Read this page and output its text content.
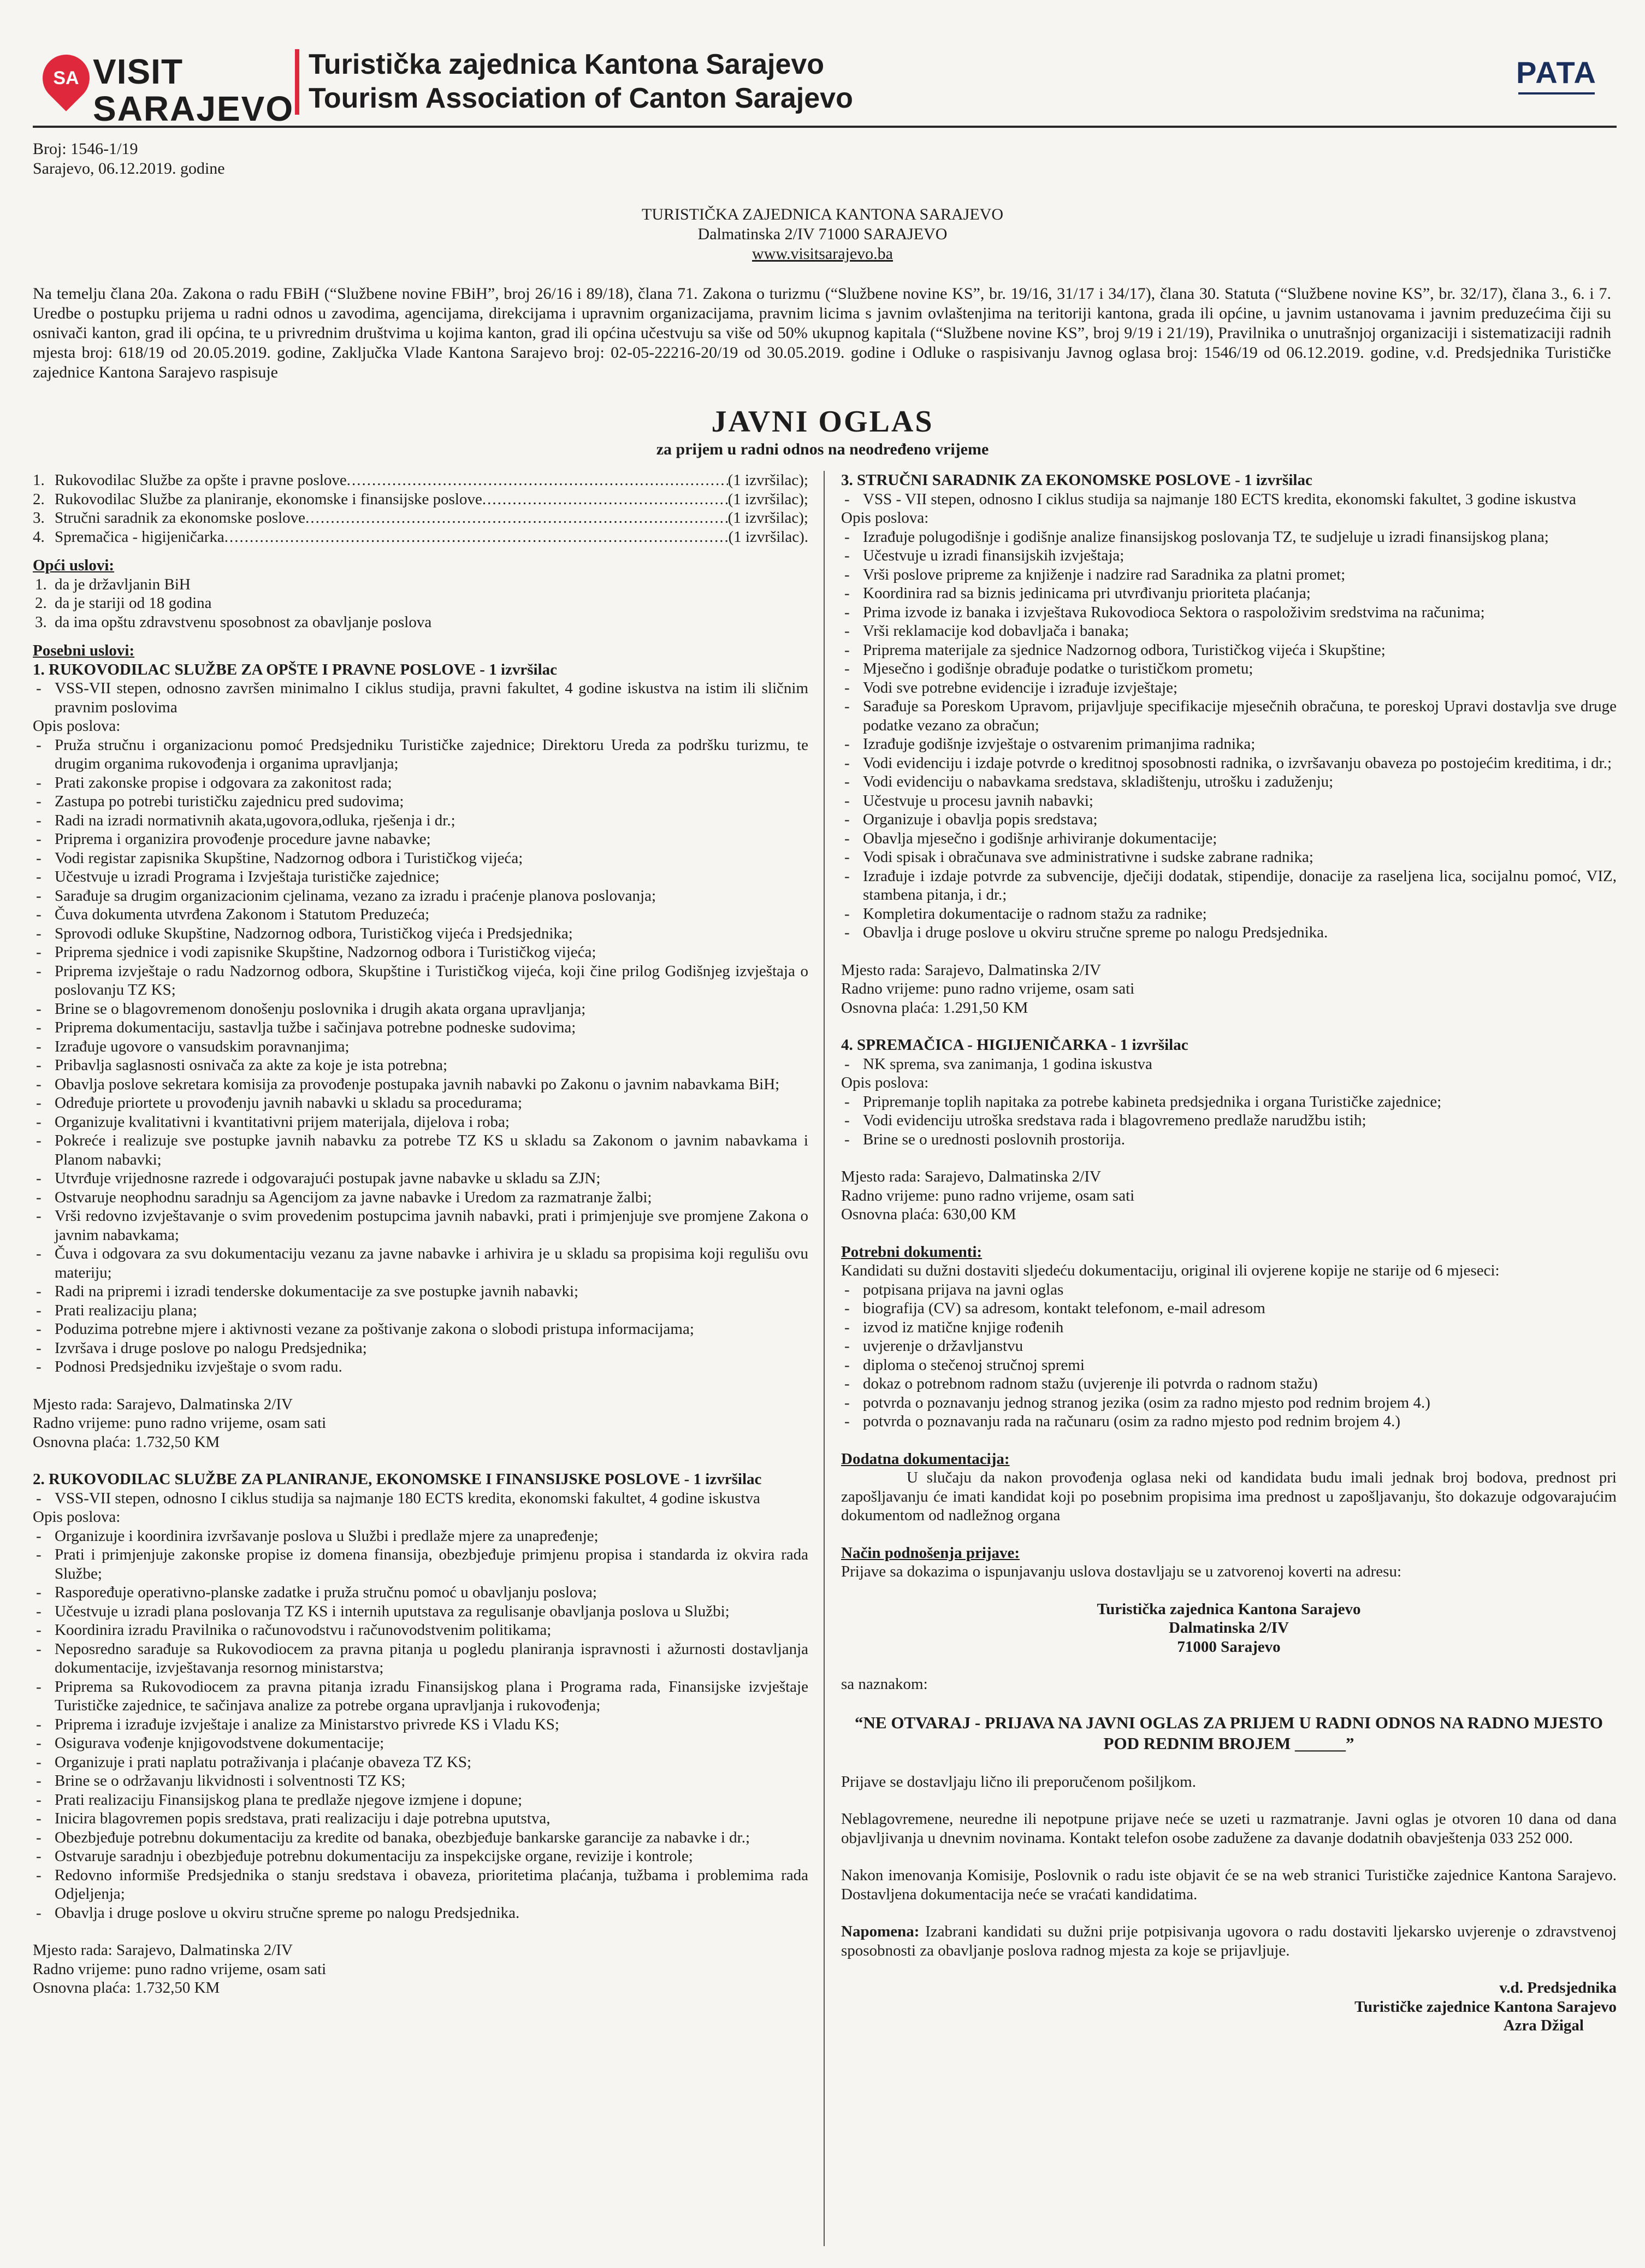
SA VISIT
SARAJEVO
Turistička zajednica Kantona Sarajevo
Tourism Association of Canton Sarajevo
PATA
Broj: 1546-1/19
Sarajevo, 06.12.2019. godine
TURISTIČKA ZAJEDNICA KANTONA SARAJEVO
Dalmatinska 2/IV 71000 SARAJEVO
www.visitsarajevo.ba
Na temelju člana 20a. Zakona o radu FBiH (“Službene novine FBiH”, broj 26/16 i 89/18), člana 71. Zakona o turizmu (“Službene novine KS”, br. 19/16, 31/17 i 34/17), člana 30. Statuta (“Službene novine KS”, br. 32/17), člana 3., 6. i 7. Uredbe o postupku prijema u radni odnos u zavodima, agencijama, direkcijama i upravnim organizacijama, pravnim licima s javnim ovlaštenjima na teritoriji kantona, grada ili općine, u javnim ustanovama i javnim preduzećima čiji su osnivači kanton, grad ili općina, te u privrednim društvima u kojima kanton, grad ili općina učestvuju sa više od 50% ukupnog kapitala (“Službene novine KS”, broj 9/19 i 21/19), Pravilnika o unutrašnjoj organizaciji i sistematizaciji radnih mjesta broj: 618/19 od 20.05.2019. godine, Zaključka Vlade Kantona Sarajevo broj: 02-05-22216-20/19 od 30.05.2019. godine i Odluke o raspisivanju Javnog oglasa broj: 1546/19 od 06.12.2019. godine, v.d. Predsjednika Turističke zajednice Kantona Sarajevo raspisuje
JAVNI OGLAS
za prijem u radni odnos na neodređeno vrijeme
1. Rukovodilac Službe za opšte i pravne poslove .....	(1 izvršilac);
2. Rukovodilac Službe za planiranje, ekonomske i finansijske poslove .....	(1 izvršilac);
3. Stručni saradnik za ekonomske poslove .....	(1 izvršilac);
4. Spremačica - higijeničarka .....	(1 izvršilac).

Opći uslovi:

1. da je državljanin BiH
2. da je stariji od 18 godina
3. da ima opštu zdravstvenu sposobnost za obavljanje poslova

Posebni uslovi:

1. RUKOVODILAC SLUŽBE ZA OPŠTE I PRAVNE POSLOVE - 1 izvršilac

- VSS-VII stepen, odnosno završen minimalno I ciklus studija, pravni fakultet, 4 godine iskustva na istim ili sličnim pravnim poslovima

Opis poslova:

- Pruža stručnu i organizacionu pomoć Predsjedniku Turističke zajednice; Direktoru Ureda za podršku turizmu, te drugim organima rukovođenja i organima upravljanja;
- Prati zakonske propise i odgovara za zakonitost rada;
- Zastupa po potrebi turističku zajednicu pred sudovima;
- Radi na izradi normativnih akata,ugovora,odluka, rješenja i dr.;
- Priprema i organizira provođenje procedure javne nabavke;
- Vodi registar zapisnika Skupštine, Nadzornog odbora i Turističkog vijeća;
- Učestvuje u izradi Programa i Izvještaja turističke zajednice;
- Sarađuje sa drugim organizacionim cjelinama, vezano za izradu i praćenje planova poslovanja;
- Čuva dokumenta utvrđena Zakonom i Statutom Preduzeća;
- Sprovodi odluke Skupštine, Nadzornog odbora, Turističkog vijeća i Predsjednika;
- Priprema sjednice i vodi zapisnike Skupštine, Nadzornog odbora i Turističkog vijeća;
- Priprema izvještaje o radu Nadzornog odbora, Skupštine i Turističkog vijeća, koji čine prilog Godišnjeg izvještaja o poslovanju TZ KS;
- Brine se o blagovremenom donošenju poslovnika i drugih akata organa upravljanja;
- Priprema dokumentaciju, sastavlja tužbe i sačinjava potrebne podneske sudovima;
- Izrađuje ugovore o vansudskim poravnanjima;
- Pribavlja saglasnosti osnivača za akte za koje je ista potrebna;
- Obavlja poslove sekretara komisija za provođenje postupaka javnih nabavki po Zakonu o javnim nabavkama BiH;
- Određuje priortete u provođenju javnih nabavki u skladu sa procedurama;
- Organizuje kvalitativni i kvantitativni prijem materijala, dijelova i roba;
- Pokreće i realizuje sve postupke javnih nabavku za potrebe TZ KS u skladu sa Zakonom o javnim nabavkama i Planom nabavki;
- Utvrđuje vrijednosne razrede i odgovarajući postupak javne nabavke u skladu sa ZJN;
- Ostvaruje neophodnu saradnju sa Agencijom za javne nabavke i Uredom za razmatranje žalbi;
- Vrši redovno izvještavanje o svim provedenim postupcima javnih nabavki, prati i primjenjuje sve promjene Zakona o javnim nabavkama;
- Čuva i odgovara za svu dokumentaciju vezanu za javne nabavke i arhivira je u skladu sa propisima koji regulišu ovu materiju;
- Radi na pripremi i izradi tenderske dokumentacije za sve postupke javnih nabavki;
- Prati realizaciju plana;
- Poduzima potrebne mjere i aktivnosti vezane za poštivanje zakona o slobodi pristupa informacijama;
- Izvršava i druge poslove po nalogu Predsjednika;
- Podnosi Predsjedniku izvještaje o svom radu.

Mjesto rada: Sarajevo, Dalmatinska 2/IV

Radno vrijeme: puno radno vrijeme, osam sati

Osnovna plaća: 1.732,50 KM

2. RUKOVODILAC SLUŽBE ZA PLANIRANJE, EKONOMSKE I FINANSIJSKE POSLOVE - 1 izvršilac

- VSS-VII stepen, odnosno I ciklus studija sa najmanje 180 ECTS kredita, ekonomski fakultet, 4 godine iskustva

Opis poslova:

- Organizuje i koordinira izvršavanje poslova u Službi i predlaže mjere za unapređenje;
- Prati i primjenjuje zakonske propise iz domena finansija, obezbjeđuje primjenu propisa i standarda iz okvira rada Službe;
- Raspoređuje operativno-planske zadatke i pruža stručnu pomoć u obavljanju poslova;
- Učestvuje u izradi plana poslovanja TZ KS i internih uputstava za regulisanje obavljanja poslova u Službi;
- Koordinira izradu Pravilnika o računovodstvu i računovodstvenim politikama;
- Neposredno sarađuje sa Rukovodiocem za pravna pitanja u pogledu planiranja ispravnosti i ažurnosti dostavljanja dokumentacije, izvještavanja resornog ministarstva;
- Priprema sa Rukovodiocem za pravna pitanja izradu Finansijskog plana i Programa rada, Finansijske izvještaje Turističke zajednice, te sačinjava analize za potrebe organa upravljanja i rukovođenja;
- Priprema i izrađuje izvještaje i analize za Ministarstvo privrede KS i Vladu KS;
- Osigurava vođenje knjigovodstvene dokumentacije;
- Organizuje i prati naplatu potraživanja i plaćanje obaveza TZ KS;
- Brine se o održavanju likvidnosti i solventnosti TZ KS;
- Prati realizaciju Finansijskog plana te predlaže njegove izmjene i dopune;
- Inicira blagovremen popis sredstava, prati realizaciju i daje potrebna uputstva,
- Obezbjeđuje potrebnu dokumentaciju za kredite od banaka, obezbjeđuje bankarske garancije za nabavke i dr.;
- Ostvaruje saradnju i obezbjeđuje potrebnu dokumentaciju za inspekcijske organe, revizije i kontrole;
- Redovno informiše Predsjednika o stanju sredstava i obaveza, prioritetima plaćanja, tužbama i problemima rada Odjeljenja;
- Obavlja i druge poslove u okviru stručne spreme po nalogu Predsjednika.

Mjesto rada: Sarajevo, Dalmatinska 2/IV

Radno vrijeme: puno radno vrijeme, osam sati

Osnovna plaća: 1.732,50 KM

3. STRUČNI SARADNIK ZA EKONOMSKE POSLOVE - 1 izvršilac

- VSS - VII stepen, odnosno I ciklus studija sa najmanje 180 ECTS kredita, ekonomski fakultet, 3 godine iskustva

Opis poslova:

- Izrađuje polugodišnje i godišnje analize finansijskog poslovanja TZ, te sudjeluje u izradi finansijskog plana;
- Učestvuje u izradi finansijskih izvještaja;
- Vrši poslove pripreme za knjiženje i nadzire rad Saradnika za platni promet;
- Koordinira rad sa biznis jedinicama pri utvrđivanju prioriteta plaćanja;
- Prima izvode iz banaka i izvještava Rukovodioca Sektora o raspoloživim sredstvima na računima;
- Vrši reklamacije kod dobavljača i banaka;
- Priprema materijale za sjednice Nadzornog odbora, Turističkog vijeća i Skupštine;
- Mjesečno i godišnje obrađuje podatke o turističkom prometu;
- Vodi sve potrebne evidencije i izrađuje izvještaje;
- Sarađuje sa Poreskom Upravom, prijavljuje specifikacije mjesečnih obračuna, te poreskoj Upravi dostavlja sve druge podatke vezano za obračun;
- Izrađuje godišnje izvještaje o ostvarenim primanjima radnika;
- Vodi evidenciju i izdaje potvrde o kreditnoj sposobnosti radnika, o izvršavanju obaveza po postojećim kreditima, i dr.;
- Vodi evidenciju o nabavkama sredstava, skladištenju, utrošku i zaduženju;
- Učestvuje u procesu javnih nabavki;
- Organizuje i obavlja popis sredstava;
- Obavlja mjesečno i godišnje arhiviranje dokumentacije;
- Vodi spisak i obračunava sve administrativne i sudske zabrane radnika;
- Izrađuje i izdaje potvrde za subvencije, dječiji dodatak, stipendije, donacije za raseljena lica, socijalnu pomoć, VIZ, stambena pitanja, i dr.;
- Kompletira dokumentacije o radnom stažu za radnike;
- Obavlja i druge poslove u okviru stručne spreme po nalogu Predsjednika.

Mjesto rada: Sarajevo, Dalmatinska 2/IV

Radno vrijeme: puno radno vrijeme, osam sati

Osnovna plaća: 1.291,50 KM

4. SPREMAČICA - HIGIJENIČARKA - 1 izvršilac

- NK sprema, sva zanimanja, 1 godina iskustva

Opis poslova:

- Pripremanje toplih napitaka za potrebe kabineta predsjednika i organa Turističke zajednice;
- Vodi evidenciju utroška sredstava rada i blagovremeno predlaže narudžbu istih;
- Brine se o urednosti poslovnih prostorija.

Mjesto rada: Sarajevo, Dalmatinska 2/IV

Radno vrijeme: puno radno vrijeme, osam sati

Osnovna plaća: 630,00 KM

Potrebni dokumenti:

Kandidati su dužni dostaviti sljedeću dokumentaciju, original ili ovjerene kopije ne starije od 6 mjeseci:

- potpisana prijava na javni oglas
- biografija (CV) sa adresom, kontakt telefonom, e-mail adresom
- izvod iz matične knjige rođenih
- uvjerenje o državljanstvu
- diploma o stečenoj stručnoj spremi
- dokaz o potrebnom radnom stažu (uvjerenje ili potvrda o radnom stažu)
- potvrda o poznavanju jednog stranog jezika (osim za radno mjesto pod rednim brojem 4.)
- potvrda o poznavanju rada na računaru (osim za radno mjesto pod rednim brojem 4.)

Dodatna dokumentacija:

U slučaju da nakon provođenja oglasa neki od kandidata budu imali jednak broj bodova, prednost pri zapošljavanju će imati kandidat koji po posebnim propisima ima prednost u zapošljavanju, što dokazuje odgovarajućim dokumentom od nadležnog organa

Način podnošenja prijave:

Prijave sa dokazima o ispunjavanju uslova dostavljaju se u zatvorenoj koverti na adresu:

Turistička zajednica Kantona Sarajevo

Dalmatinska 2/IV

71000 Sarajevo

sa naznakom:

“NE OTVARAJ - PRIJAVA NA JAVNI OGLAS ZA PRIJEM U RADNI ODNOS NA RADNO MJESTO POD REDNIM BROJEM ______”

Prijave se dostavljaju lično ili preporučenom pošiljkom.

Neblagovremene, neuredne ili nepotpune prijave neće se uzeti u razmatranje. Javni oglas je otvoren 10 dana od dana objavljivanja u dnevnim novinama. Kontakt telefon osobe zadužene za davanje dodatnih obavještenja 033 252 000.

Nakon imenovanja Komisije, Poslovnik o radu iste objavit će se na web stranici Turističke zajednice Kantona Sarajevo. Dostavljena dokumentacija neće se vraćati kandidatima.

Napomena: Izabrani kandidati su dužni prije potpisivanja ugovora o radu dostaviti ljekarsko uvjerenje o zdravstvenoj sposobnosti za obavljanje poslova radnog mjesta za koje se prijavljuje.

v.d. Predsjednika

Turističke zajednice Kantona Sarajevo

Azra Džigal
